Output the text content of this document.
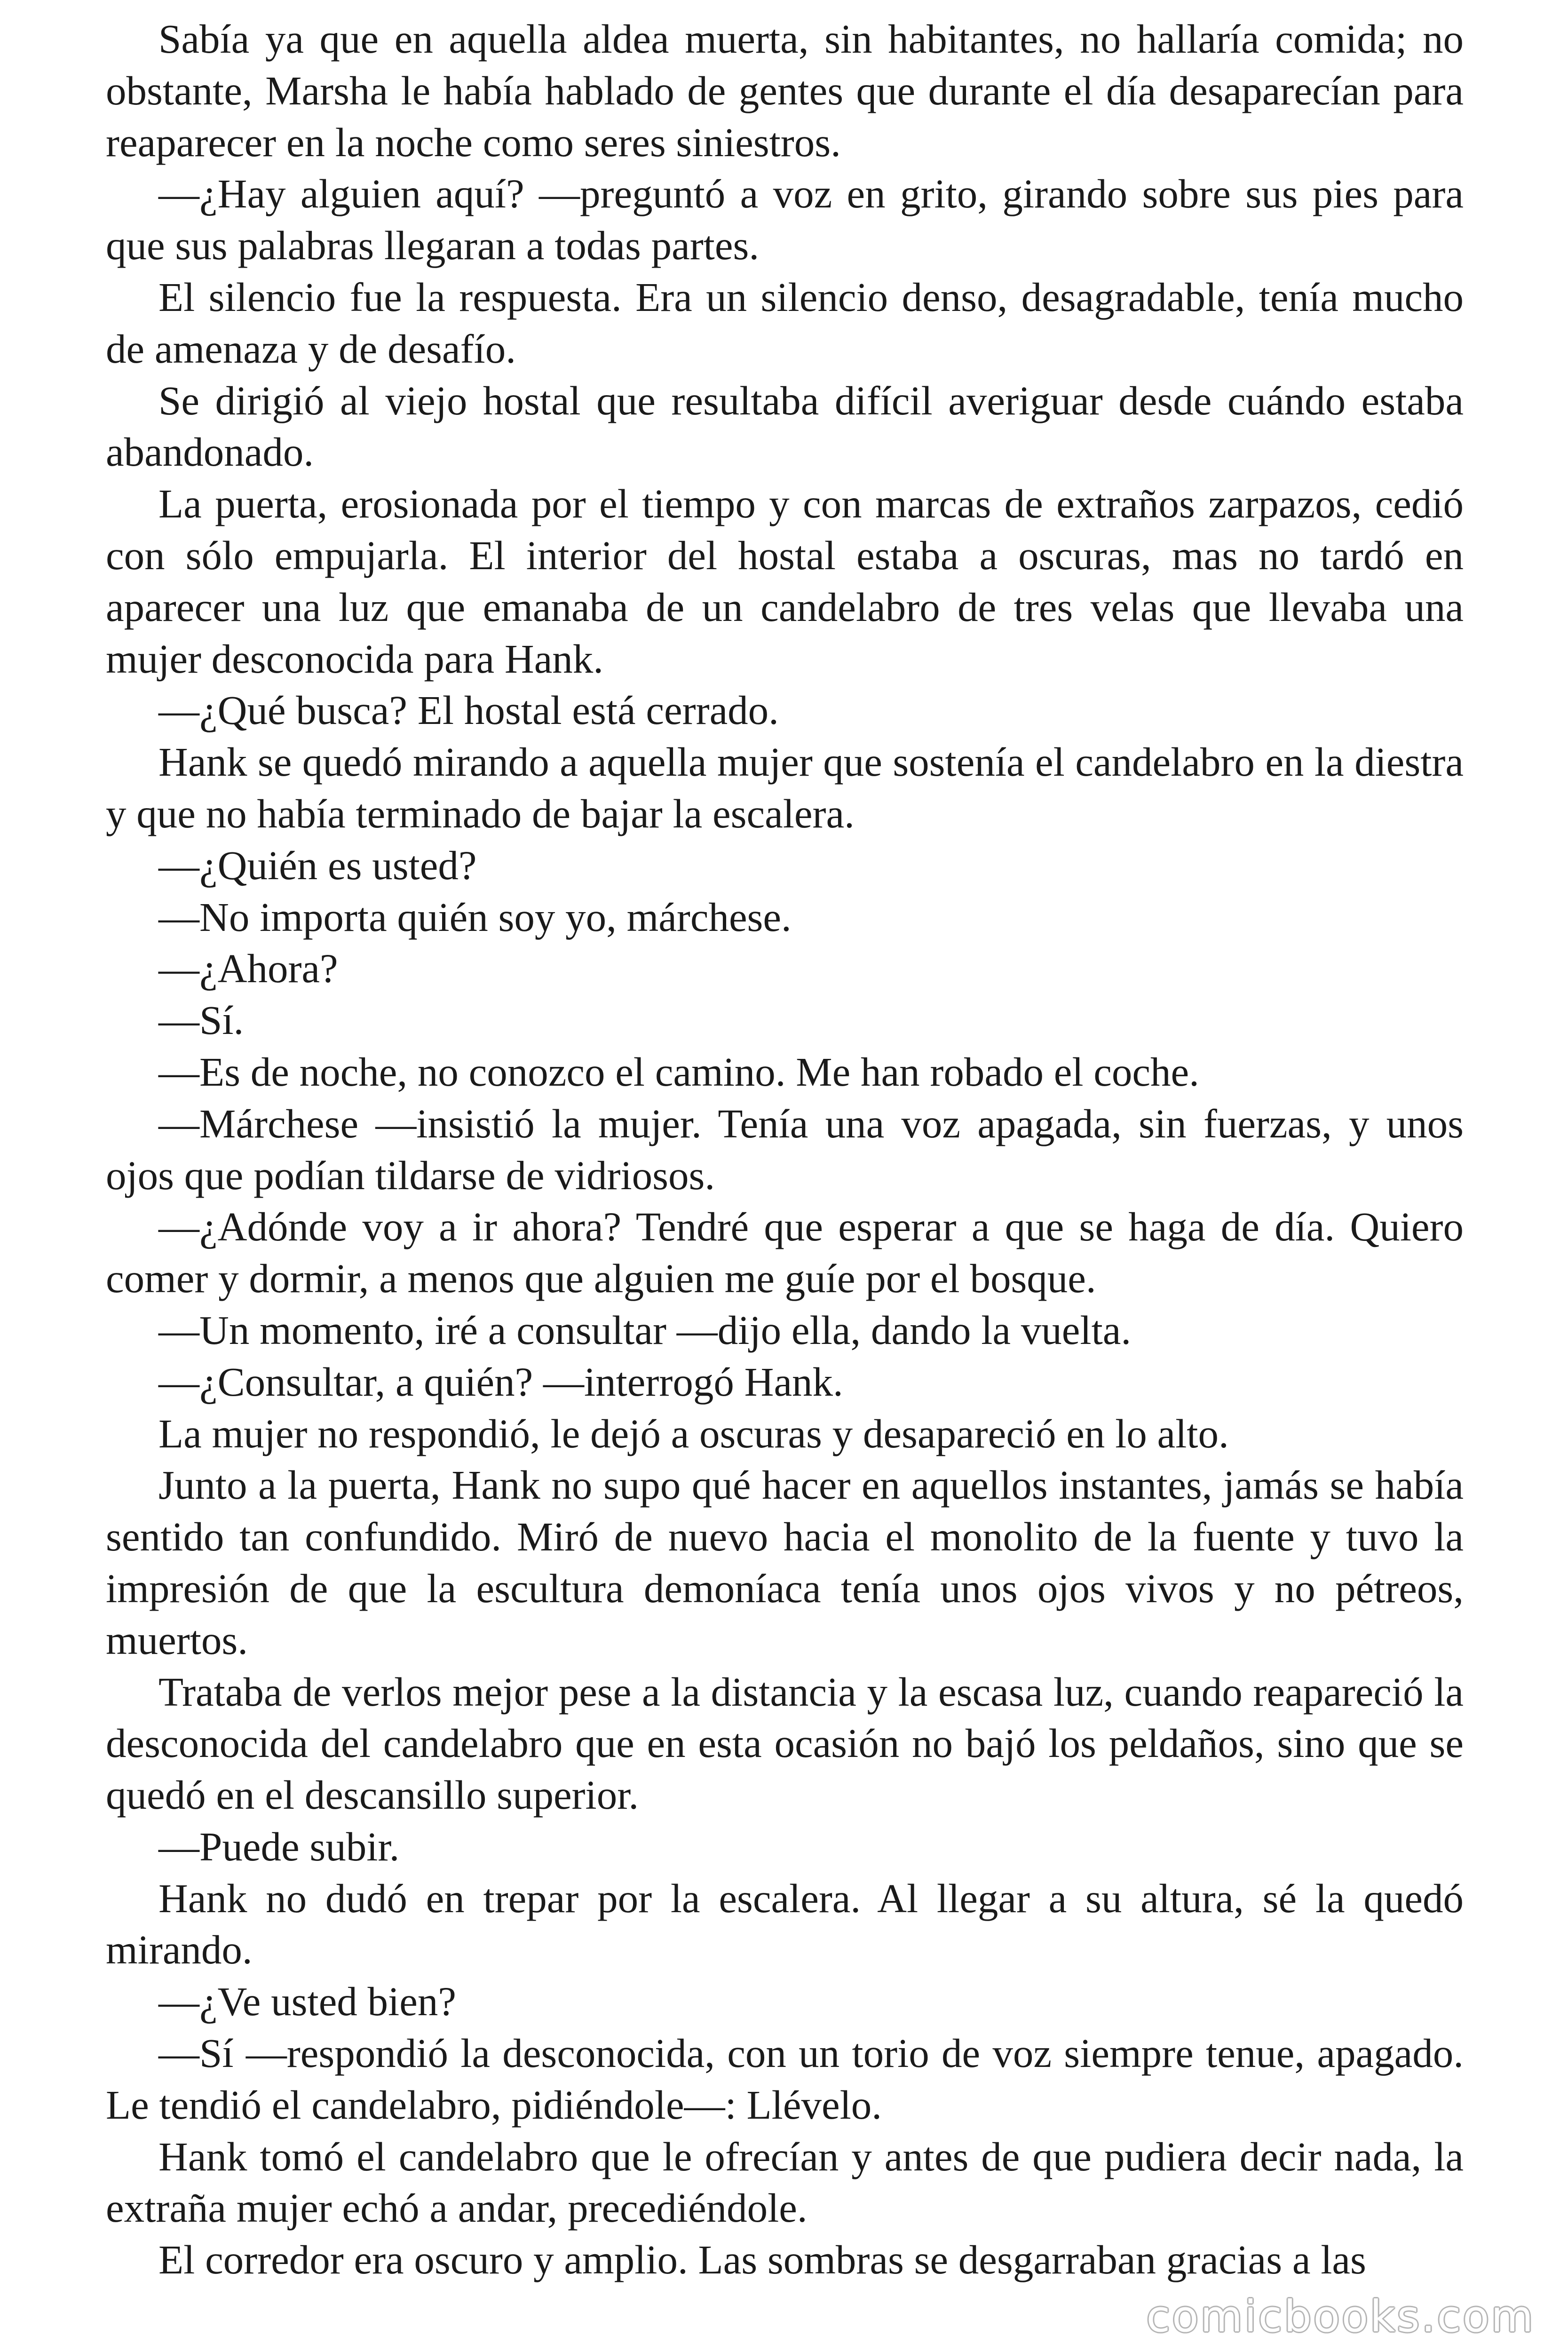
Sabía ya que en aquella aldea muerta, sin habitantes, no hallaría comida; no obstante, Marsha le había hablado de gentes que durante el día desaparecían para reaparecer en la noche como seres siniestros.

—¿Hay alguien aquí? —preguntó a voz en grito, girando sobre sus pies para que sus palabras llegaran a todas partes.

El silencio fue la respuesta. Era un silencio denso, desagradable, tenía mucho de amenaza y de desafío.

Se dirigió al viejo hostal que resultaba difícil averiguar desde cuándo estaba abandonado.

La puerta, erosionada por el tiempo y con marcas de extraños zarpazos, cedió con sólo empujarla. El interior del hostal estaba a oscuras, mas no tardó en aparecer una luz que emanaba de un candelabro de tres velas que llevaba una mujer desconocida para Hank.

—¿Qué busca? El hostal está cerrado.

Hank se quedó mirando a aquella mujer que sostenía el candelabro en la diestra y que no había terminado de bajar la escalera.

—¿Quién es usted?

—No importa quién soy yo, márchese.

—¿Ahora?

—Sí.

—Es de noche, no conozco el camino. Me han robado el coche.

—Márchese —insistió la mujer. Tenía una voz apagada, sin fuerzas, y unos ojos que podían tildarse de vidriosos.

—¿Adónde voy a ir ahora? Tendré que esperar a que se haga de día. Quiero comer y dormir, a menos que alguien me guíe por el bosque.

—Un momento, iré a consultar —dijo ella, dando la vuelta.

—¿Consultar, a quién? —interrogó Hank.

La mujer no respondió, le dejó a oscuras y desapareció en lo alto.

Junto a la puerta, Hank no supo qué hacer en aquellos instantes, jamás se había sentido tan confundido. Miró de nuevo hacia el monolito de la fuente y tuvo la impresión de que la escultura demoníaca tenía unos ojos vivos y no pétreos, muertos.

Trataba de verlos mejor pese a la distancia y la escasa luz, cuando reapareció la desconocida del candelabro que en esta ocasión no bajó los peldaños, sino que se quedó en el descansillo superior.

—Puede subir.

Hank no dudó en trepar por la escalera. Al llegar a su altura, sé la quedó mirando.

—¿Ve usted bien?

—Sí —respondió la desconocida, con un torio de voz siempre tenue, apagado. Le tendió el candelabro, pidiéndole—: Llévelo.

Hank tomó el candelabro que le ofrecían y antes de que pudiera decir nada, la extraña mujer echó a andar, precediéndole.

El corredor era oscuro y amplio. Las sombras se desgarraban gracias a las

comicbooks.com
